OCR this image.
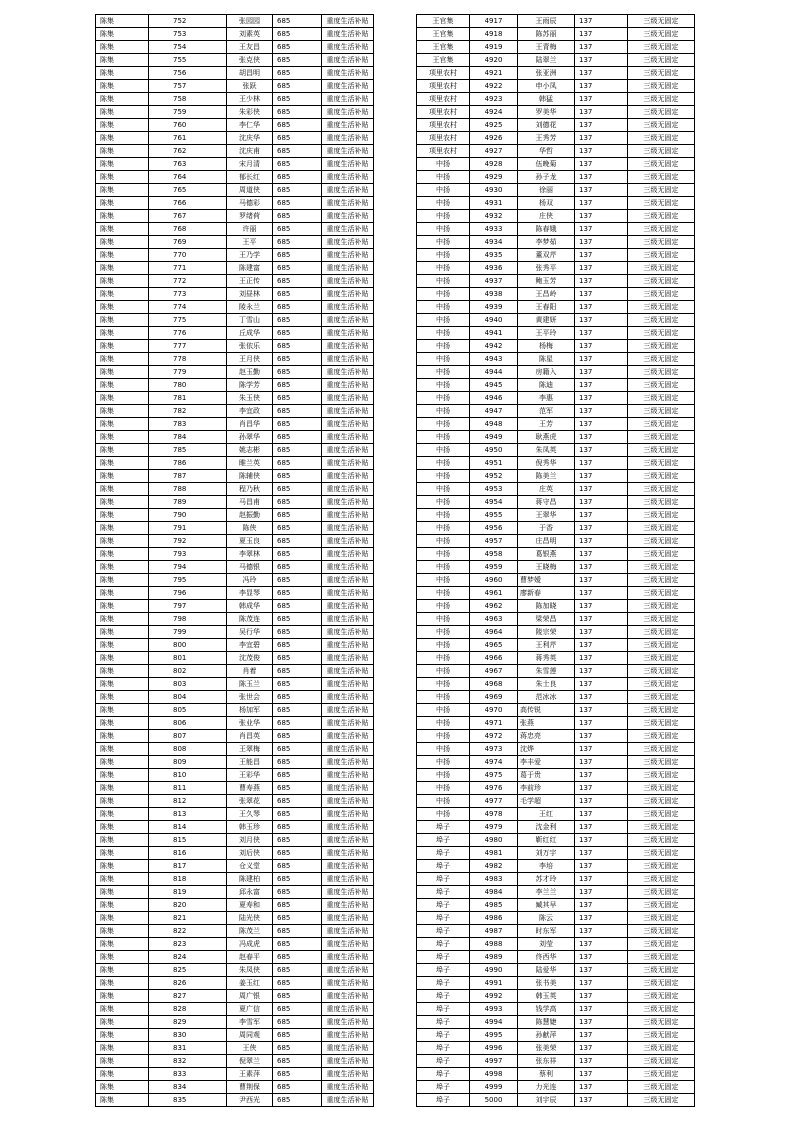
陈集	752	张园园	685	重度生活补贴
陈集	753	刘素英	685	重度生活补贴
陈集	754	王友昌	685	重度生活补贴
陈集	755	张克侠	685	重度生活补贴
陈集	756	胡昌明	685	重度生活补贴
陈集	757	张跃	685	重度生活补贴
陈集	758	王少林	685	重度生活补贴
陈集	759	朱彩侠	685	重度生活补贴
陈集	760	李仁华	685	重度生活补贴
陈集	761	沈庆华	685	重度生活补贴
陈集	762	沈庆甫	685	重度生活补贴
陈集	763	宋月清	685	重度生活补贴
陈集	764	郁长红	685	重度生活补贴
陈集	765	周道侠	685	重度生活补贴
陈集	766	马德彩	685	重度生活补贴
陈集	767	罗绪荷	685	重度生活补贴
陈集	768	许丽	685	重度生活补贴
陈集	769	王平	685	重度生活补贴
陈集	770	王乃学	685	重度生活补贴
陈集	771	陈建富	685	重度生活补贴
陈集	772	王正传	685	重度生活补贴
陈集	773	刘昼林	685	重度生活补贴
陈集	774	陵永兰	685	重度生活补贴
陈集	775	丁雪山	685	重度生活补贴
陈集	776	丘成华	685	重度生活补贴
陈集	777	张依乐	685	重度生活补贴
陈集	778	王月侠	685	重度生活补贴
陈集	779	赵玉勤	685	重度生活补贴
陈集	780	陈学芳	685	重度生活补贴
陈集	781	朱玉侠	685	重度生活补贴
陈集	782	李宜政	685	重度生活补贴
陈集	783	肖昌华	685	重度生活补贴
陈集	784	孙翠华	685	重度生活补贴
陈集	785	姚志彬	685	重度生活补贴
陈集	786	睢兰英	685	重度生活补贴
陈集	787	陈辅侠	685	重度生活补贴
陈集	788	程乃秋	685	重度生活补贴
陈集	789	马昌甫	685	重度生活补贴
陈集	790	赵振勤	685	重度生活补贴
陈集	791	陈侠	685	重度生活补贴
陈集	792	夏玉良	685	重度生活补贴
陈集	793	李翠林	685	重度生活补贴
陈集	794	马德银	685	重度生活补贴
陈集	795	冯玲	685	重度生活补贴
陈集	796	李显琴	685	重度生活补贴
陈集	797	韩成华	685	重度生活补贴
陈集	798	陈茂连	685	重度生活补贴
陈集	799	吴行华	685	重度生活补贴
陈集	800	李宜碧	685	重度生活补贴
陈集	801	沈茂俊	685	重度生活补贴
陈集	802	肖着	685	重度生活补贴
陈集	803	陈玉兰	685	重度生活补贴
陈集	804	张世会	685	重度生活补贴
陈集	805	杨加军	685	重度生活补贴
陈集	806	张业华	685	重度生活补贴
陈集	807	肖昌英	685	重度生活补贴
陈集	808	王翠梅	685	重度生活补贴
陈集	809	王能昌	685	重度生活补贴
陈集	810	王彩华	685	重度生活补贴
陈集	811	曹寿燕	685	重度生活补贴
陈集	812	张翠花	685	重度生活补贴
陈集	813	王久琴	685	重度生活补贴
陈集	814	韩玉珍	685	重度生活补贴
陈集	815	刘月侠	685	重度生活补贴
陈集	816	刘后侠	685	重度生活补贴
陈集	817	仓义堂	685	重度生活补贴
陈集	818	陈建柏	685	重度生活补贴
陈集	819	邱永富	685	重度生活补贴
陈集	820	夏寿和	685	重度生活补贴
陈集	821	陆光侠	685	重度生活补贴
陈集	822	陈茂兰	685	重度生活补贴
陈集	823	冯成虎	685	重度生活补贴
陈集	824	赵春平	685	重度生活补贴
陈集	825	朱凤侠	685	重度生活补贴
陈集	826	姜玉红	685	重度生活补贴
陈集	827	周广银	685	重度生活补贴
陈集	828	夏广信	685	重度生活补贴
陈集	829	李雪军	685	重度生活补贴
陈集	830	周同观	685	重度生活补贴
陈集	831	王侠	685	重度生活补贴
陈集	832	倪翠兰	685	重度生活补贴
陈集	833	王素萍	685	重度生活补贴
陈集	834	曹荆保	685	重度生活补贴
陈集	835	尹西光	685	重度生活补贴
王官集	4917	王雨辰	137	三级无固定
王官集	4918	陈苏丽	137	三级无固定
王官集	4919	王青梅	137	三级无固定
王官集	4920	陆翠兰	137	三级无固定
项里农村	4921	张亚洲	137	三级无固定
项里农村	4922	申小凤	137	三级无固定
项里农村	4923	韩猛	137	三级无固定
项里农村	4924	罗美华	137	三级无固定
项里农村	4925	刘德花	137	三级无固定
项里农村	4926	王秀芳	137	三级无固定
项里农村	4927	华哲	137	三级无固定
中扬	4928	伍晚菊	137	三级无固定
中扬	4929	孙子龙	137	三级无固定
中扬	4930	徐丽	137	三级无固定
中扬	4931	杨双	137	三级无固定
中扬	4932	庄侠	137	三级无固定
中扬	4933	陈春娥	137	三级无固定
中扬	4934	李梦茹	137	三级无固定
中扬	4935	董双芹	137	三级无固定
中扬	4936	张秀平	137	三级无固定
中扬	4937	鲍玉芳	137	三级无固定
中扬	4938	王昌岭	137	三级无固定
中扬	4939	王春阳	137	三级无固定
中扬	4940	黄建妍	137	三级无固定
中扬	4941	王平玲	137	三级无固定
中扬	4942	杨梅	137	三级无固定
中扬	4943	陈星	137	三级无固定
中扬	4944	房籍入	137	三级无固定
中扬	4945	陈迪	137	三级无固定
中扬	4946	李惠	137	三级无固定
中扬	4947	范军	137	三级无固定
中扬	4948	王芳	137	三级无固定
中扬	4949	耿燕虎	137	三级无固定
中扬	4950	朱凤英	137	三级无固定
中扬	4951	倪秀华	137	三级无固定
中扬	4952	陈美兰	137	三级无固定
中扬	4953	庄英	137	三级无固定
中扬	4954	蒋守昌	137	三级无固定
中扬	4955	王翠华	137	三级无固定
中扬	4956	于香	137	三级无固定
中扬	4957	庄昌明	137	三级无固定
中扬	4958	葛银燕	137	三级无固定
中扬	4959	王晓梅	137	三级无固定
中扬	4960	曹梦嫒	137	三级无固定
中扬	4961	廖新春	137	三级无固定
中扬	4962	陈加晓	137	三级无固定
中扬	4963	梁荣昌	137	三级无固定
中扬	4964	陵宗荣	137	三级无固定
中扬	4965	王利芹	137	三级无固定
中扬	4966	蒋秀英	137	三级无固定
中扬	4967	朱雪莲	137	三级无固定
中扬	4968	朱士良	137	三级无固定
中扬	4969	范冰冰	137	三级无固定
中扬	4970	高传锐	137	三级无固定
中扬	4971	张燕	137	三级无固定
中扬	4972	蒋忠亮	137	三级无固定
中扬	4973	沈烨	137	三级无固定
中扬	4974	李丰爱	137	三级无固定
中扬	4975	葛于贵	137	三级无固定
中扬	4976	李前珍	137	三级无固定
中扬	4977	毛学超	137	三级无固定
中扬	4978	王红	137	三级无固定
埠子	4979	沈金利	137	三级无固定
埠子	4980	靳红红	137	三级无固定
埠子	4981	刘万宇	137	三级无固定
埠子	4982	李培	137	三级无固定
埠子	4983	苏才玲	137	三级无固定
埠子	4984	李兰兰	137	三级无固定
埠子	4985	臧其早	137	三级无固定
埠子	4986	陈云	137	三级无固定
埠子	4987	时东军	137	三级无固定
埠子	4988	刘莹	137	三级无固定
埠子	4989	佟西华	137	三级无固定
埠子	4990	陆爱华	137	三级无固定
埠子	4991	张书美	137	三级无固定
埠子	4992	韩玉英	137	三级无固定
埠子	4993	钱学高	137	三级无固定
埠子	4994	陈慧婕	137	三级无固定
埠子	4995	孙献萍	137	三级无固定
埠子	4996	张美荣	137	三级无固定
埠子	4997	张东祥	137	三级无固定
埠子	4998	蔡利	137	三级无固定
埠子	4999	力光连	137	三级无固定
埠子	5000	刘宇辰	137	三级无固定
